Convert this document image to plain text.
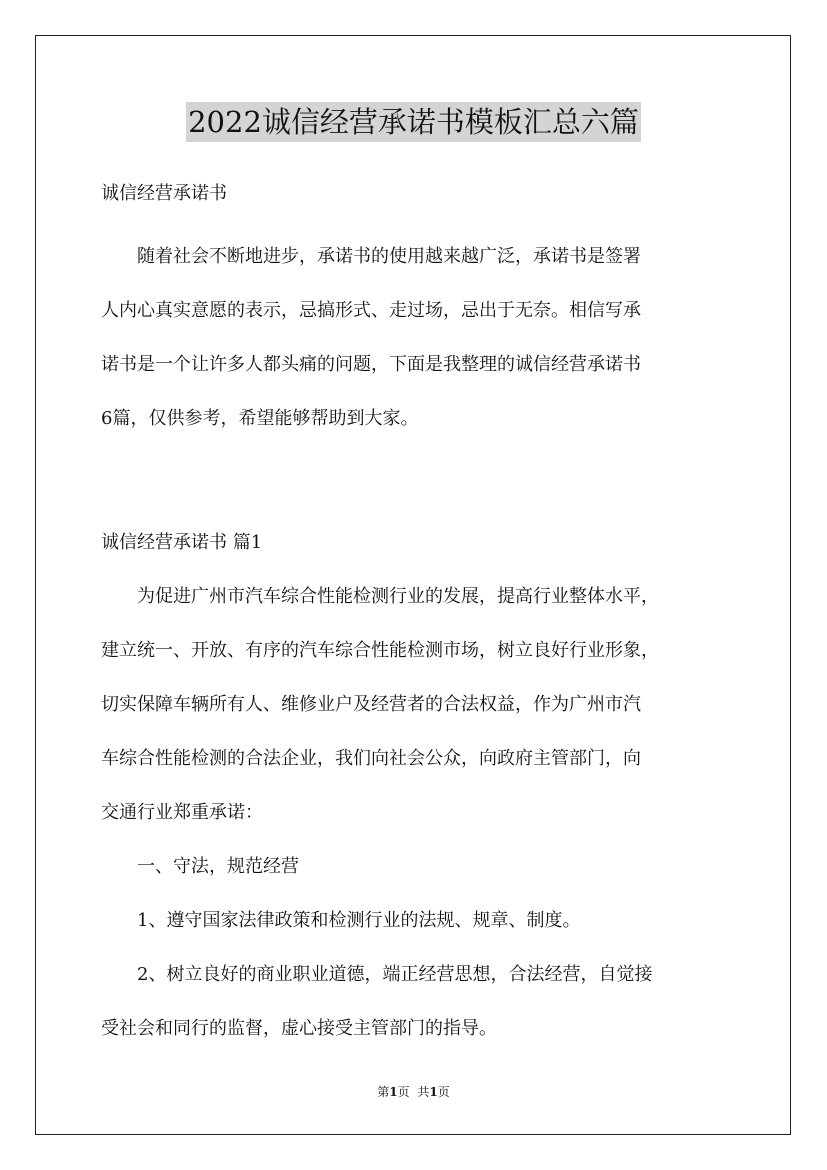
2022诚信经营承诺书模板汇总六篇

诚信经营承诺书

随着社会不断地进步，承诺书的使用越来越广泛，承诺书是签署

人内心真实意愿的表示，忌搞形式、走过场，忌出于无奈。相信写承

诺书是一个让许多人都头痛的问题，下面是我整理的诚信经营承诺书

6篇，仅供参考，希望能够帮助到大家。

诚信经营承诺书 篇1

为促进广州市汽车综合性能检测行业的发展，提高行业整体水平，

建立统一、开放、有序的汽车综合性能检测市场，树立良好行业形象，

切实保障车辆所有人、维修业户及经营者的合法权益，作为广州市汽

车综合性能检测的合法企业，我们向社会公众，向政府主管部门，向

交通行业郑重承诺：

一、守法，规范经营

1、遵守国家法律政策和检测行业的法规、规章、制度。

2、树立良好的商业职业道德，端正经营思想，合法经营，自觉接

受社会和同行的监督，虚心接受主管部门的指导。

第1页 共1页
